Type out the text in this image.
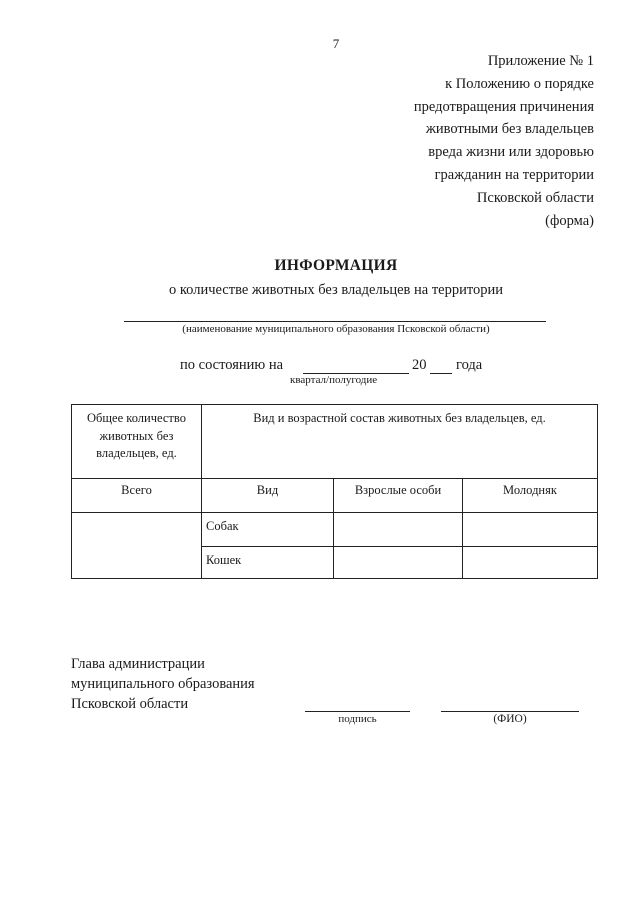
7
Приложение № 1
к Положению о порядке
предотвращения причинения
животными без владельцев
вреда жизни или здоровью
гражданин на территории
Псковской области
(форма)
ИНФОРМАЦИЯ
о количестве животных без владельцев на территории
(наименование муниципального образования Псковской области)
по состоянию на	20 года
квартал/полугодие
Общее количество
животных без
владельцев, ед.	Вид и возрастной состав животных без владельцев, ед.		
Всего	Вид	Взрослые особи	Молодняк
	Собак		
	Кошек		
Глава администрации
муниципального образования
Псковской области
подпись	(ФИО)
